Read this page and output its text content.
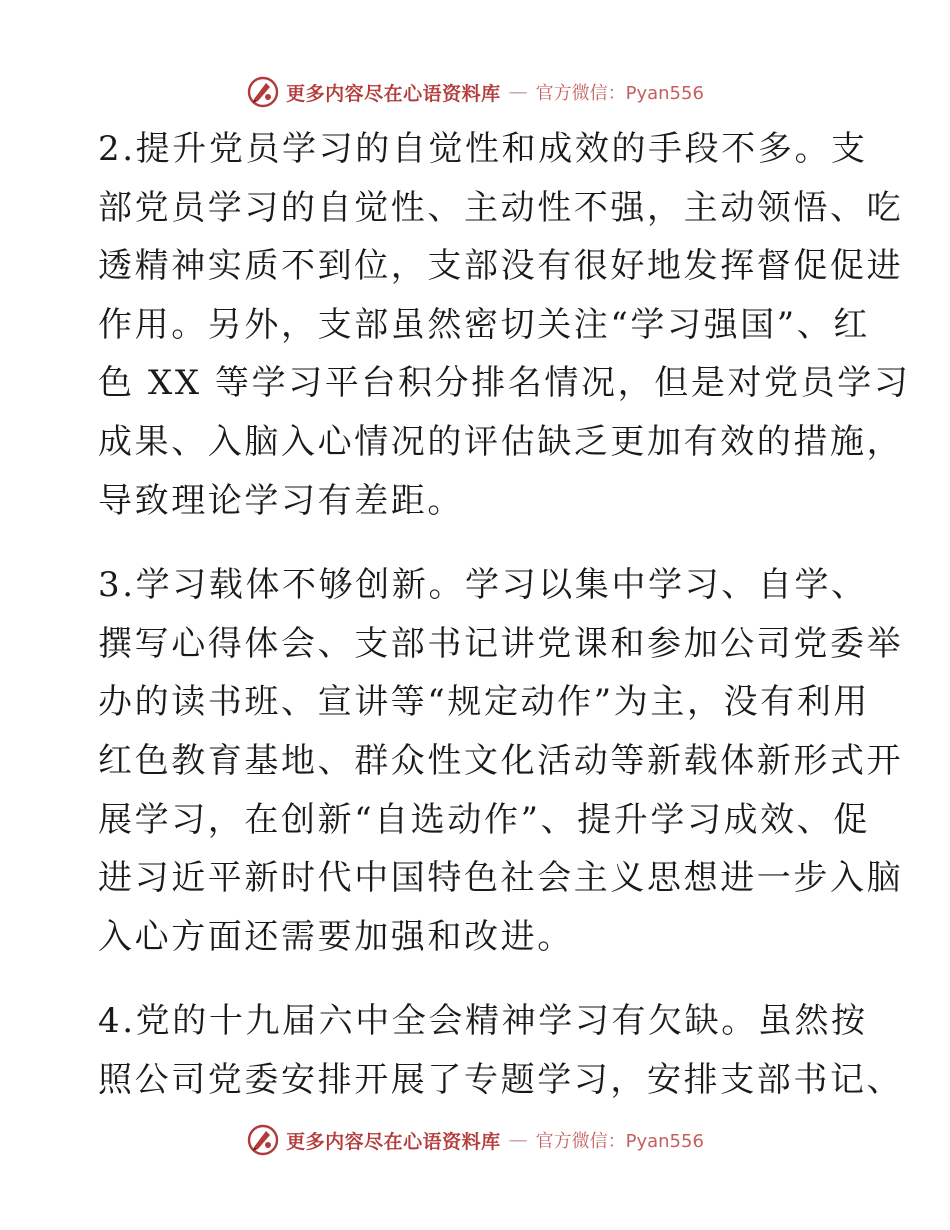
更多内容尽在心语资料库 — 官方微信：Pyan556

2.提升党员学习的自觉性和成效的手段不多。支
部党员学习的自觉性、主动性不强，主动领悟、吃
透精神实质不到位，支部没有很好地发挥督促促进
作用。另外，支部虽然密切关注“学习强国”、红
色 XX 等学习平台积分排名情况，但是对党员学习
成果、入脑入心情况的评估缺乏更加有效的措施，
导致理论学习有差距。

3.学习载体不够创新。学习以集中学习、自学、
撰写心得体会、支部书记讲党课和参加公司党委举
办的读书班、宣讲等“规定动作”为主，没有利用
红色教育基地、群众性文化活动等新载体新形式开
展学习，在创新“自选动作”、提升学习成效、促
进习近平新时代中国特色社会主义思想进一步入脑
入心方面还需要加强和改进。

4.党的十九届六中全会精神学习有欠缺。虽然按
照公司党委安排开展了专题学习，安排支部书记、

更多内容尽在心语资料库 — 官方微信：Pyan556
